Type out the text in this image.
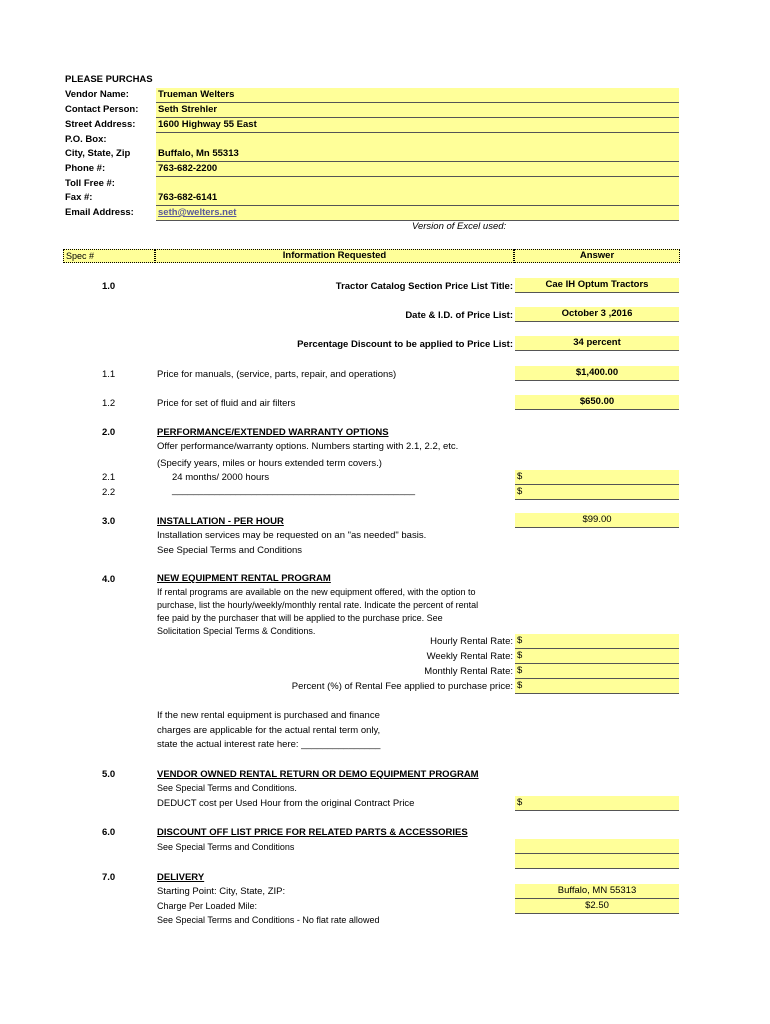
PLEASE PURCHAS
Vendor Name:	Trueman Welters
Contact Person: Seth Strehler
Street Address: 1600 Highway 55 East
P.O. Box:
City, State, Zip	Buffalo, Mn 55313
Phone #:	763-682-2200
Toll Free #:
Fax #:	763-682-6141
Email Address:	seth@welters.net
Version of Excel used:
Spec #	Information Requested	Answer
1.0	Tractor Catalog Section Price List Title:	Cae IH Optum Tractors
Date & I.D. of Price List:	October 3 ,2016
Percentage Discount to be applied to Price List:	34 percent
1.1	Price for manuals, (service, parts, repair, and operations)	$1,400.00
1.2	Price for set of fluid and air filters	$650.00
2.0	PERFORMANCE/EXTENDED WARRANTY OPTIONS
Offer performance/warranty options. Numbers starting with 2.1, 2.2, etc.
(Specify years, miles or hours extended term covers.)
2.1	24 months/ 2000 hours	$
2.2	______________________________________________	$
3.0	INSTALLATION - PER HOUR	$99.00
Installation services may be requested on an "as needed" basis.
See Special Terms and Conditions
4.0	NEW EQUIPMENT RENTAL PROGRAM
If rental programs are available on the new equipment offered, with the option to
purchase, list the hourly/weekly/monthly rental rate. Indicate the percent of rental
fee paid by the purchaser that will be applied to the purchase price. See
Solicitation Special Terms & Conditions.
Hourly Rental Rate: $
Weekly Rental Rate: $
Monthly Rental Rate: $
Percent (%) of Rental Fee applied to purchase price: $
If the new rental equipment is purchased and finance
charges are applicable for the actual rental term only,
state the actual interest rate here: _______________
5.0	VENDOR OWNED RENTAL RETURN OR DEMO EQUIPMENT PROGRAM
See Special Terms and Conditions.
DEDUCT cost per Used Hour from the original Contract Price	$
6.0	DISCOUNT OFF LIST PRICE FOR RELATED PARTS & ACCESSORIES
See Special Terms and Conditions
7.0	DELIVERY
Starting Point: City, State, ZIP:	Buffalo, MN 55313
Charge Per Loaded Mile:	$2.50
See Special Terms and Conditions - No flat rate allowed
